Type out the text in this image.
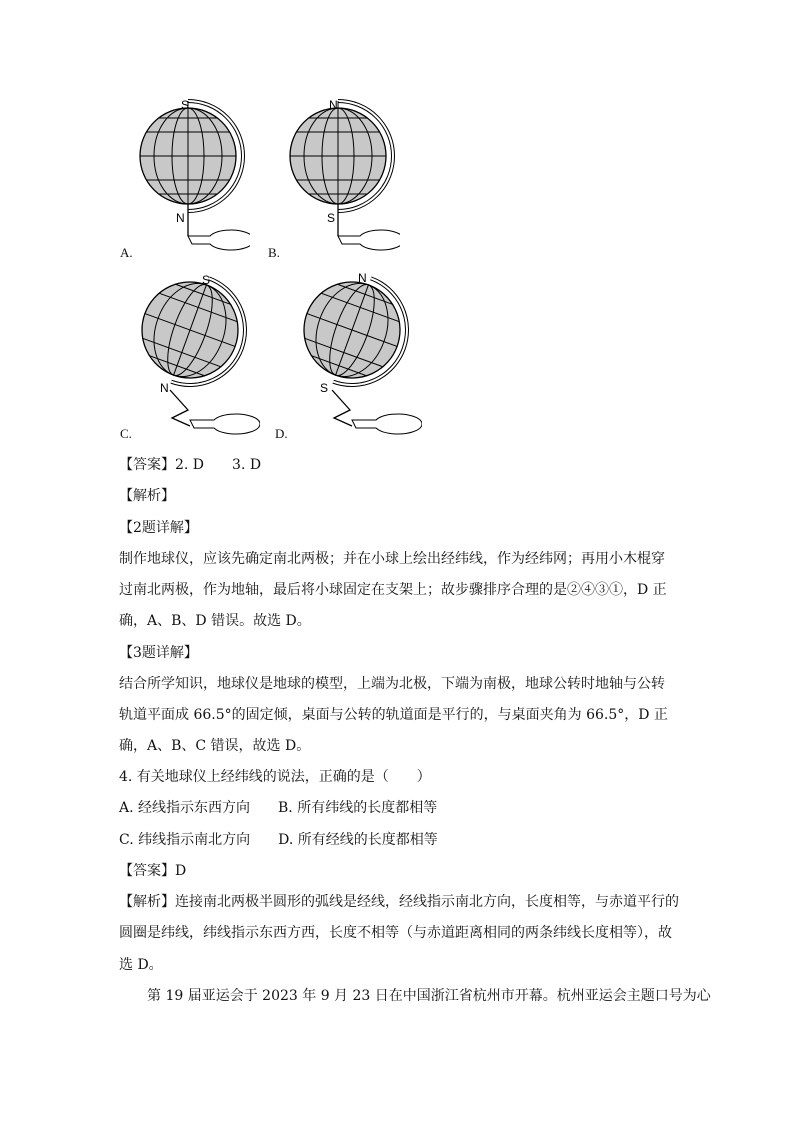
S
N
A.
N
S
B.
S
N
C.
N
S
D.
【答案】2. D　　3. D
【解析】
【2题详解】
制作地球仪，应该先确定南北两极；并在小球上绘出经纬线，作为经纬网；再用小木棍穿
过南北两极，作为地轴，最后将小球固定在支架上；故步骤排序合理的是②④③①，D 正
确，A、B、D 错误。故选 D。
【3题详解】
结合所学知识，地球仪是地球的模型，上端为北极，下端为南极，地球公转时地轴与公转
轨道平面成 66.5°的固定倾，桌面与公转的轨道面是平行的，与桌面夹角为 66.5°，D 正
确，A、B、C 错误，故选 D。
4. 有关地球仪上经纬线的说法，正确的是（　　）
A. 经线指示东西方向　　B. 所有纬线的长度都相等
C. 纬线指示南北方向　　D. 所有经线的长度都相等
【答案】D
【解析】连接南北两极半圆形的弧线是经线，经线指示南北方向，长度相等，与赤道平行的
圆圈是纬线，纬线指示东西方西，长度不相等（与赤道距离相同的两条纬线长度相等），故
选 D。
第 19 届亚运会于 2023 年 9 月 23 日在中国浙江省杭州市开幕。杭州亚运会主题口号为心
